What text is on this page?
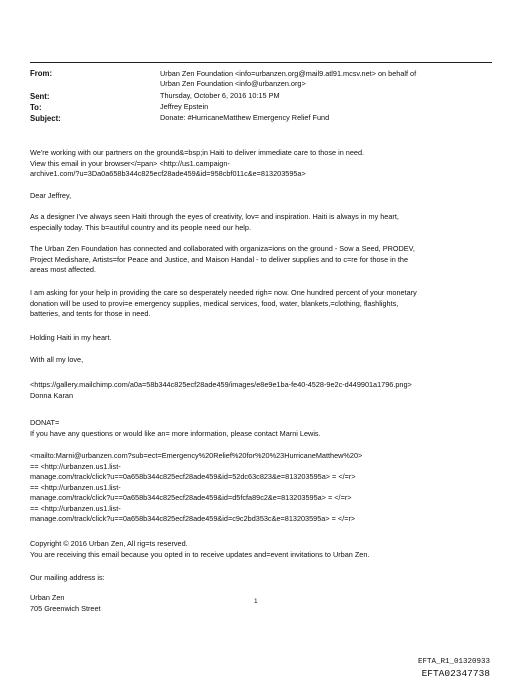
From:	Urban Zen Foundation <info=urbanzen.org@mail9.atl91.mcsv.net> on behalf of
Urban Zen Foundation <info@urbanzen.org>
Sent:	Thursday, October 6, 2016 10:15 PM
To:	Jeffrey Epstein
Subject:	Donate: #HurricaneMatthew Emergency Relief Fund
We're working with our partners on the ground&=bsp;in Haiti to deliver immediate care to those in need.
View this email in your browser</=pan> <http://us1.campaign-
archive1.com/?u=3Da0a658b344c825ecf28ade459&id=958cbf011c&e=813203595a>
Dear Jeffrey,
As a designer I've always seen Haiti through the eyes of creativity, lov= and inspiration. Haiti is always in my heart,
especially today. This b=autiful country and its people need our help.
The Urban Zen Foundation has connected and collaborated with organiza=ions on the ground - Sow a Seed, PRODEV,
Project Medishare, Artists=for Peace and Justice, and Maison Handal - to deliver supplies and to c=re for those in the
areas most affected.
I am asking for your help in providing the care so desperately needed righ= now. One hundred percent of your monetary
donation will be used to provi=e emergency supplies, medical services, food, water, blankets,=clothing, flashlights,
batteries, and tents for those in need.
Holding Haiti in my heart.
With all my love,
<https://gallery.mailchimp.com/a0a=58b344c825ecf28ade459/images/e8e9e1ba-fe40-4528-9e2c-d449901a1796.png>
Donna Karan
DONAT=
If you have any questions or would like an= more information, please contact Marni Lewis.
<mailto:Marni@urbanzen.com?sub=ect=Emergency%20Relief%20for%20%23HurricaneMatthew%20>
== <http://urbanzen.us1.list-
manage.com/track/click?u==0a658b344c825ecf28ade459&id=52dc63c823&e=813203595a> = </=r>
== <http://urbanzen.us1.list-
manage.com/track/click?u==0a658b344c825ecf28ade459&id=d5fcfa89c2&e=813203595a> = </=r>
== <http://urbanzen.us1.list-
manage.com/track/click?u==0a658b344c825ecf28ade459&id=c9c2bd353c&e=813203595a> = </=r>
Copyright © 2016 Urban Zen, All rig=ts reserved.
You are receiving this email because you opted in to receive updates and=event invitations to Urban Zen.
Our mailing address is:
Urban Zen
705 Greenwich Street
1
EFTA_R1_01320933
EFTA02347738
